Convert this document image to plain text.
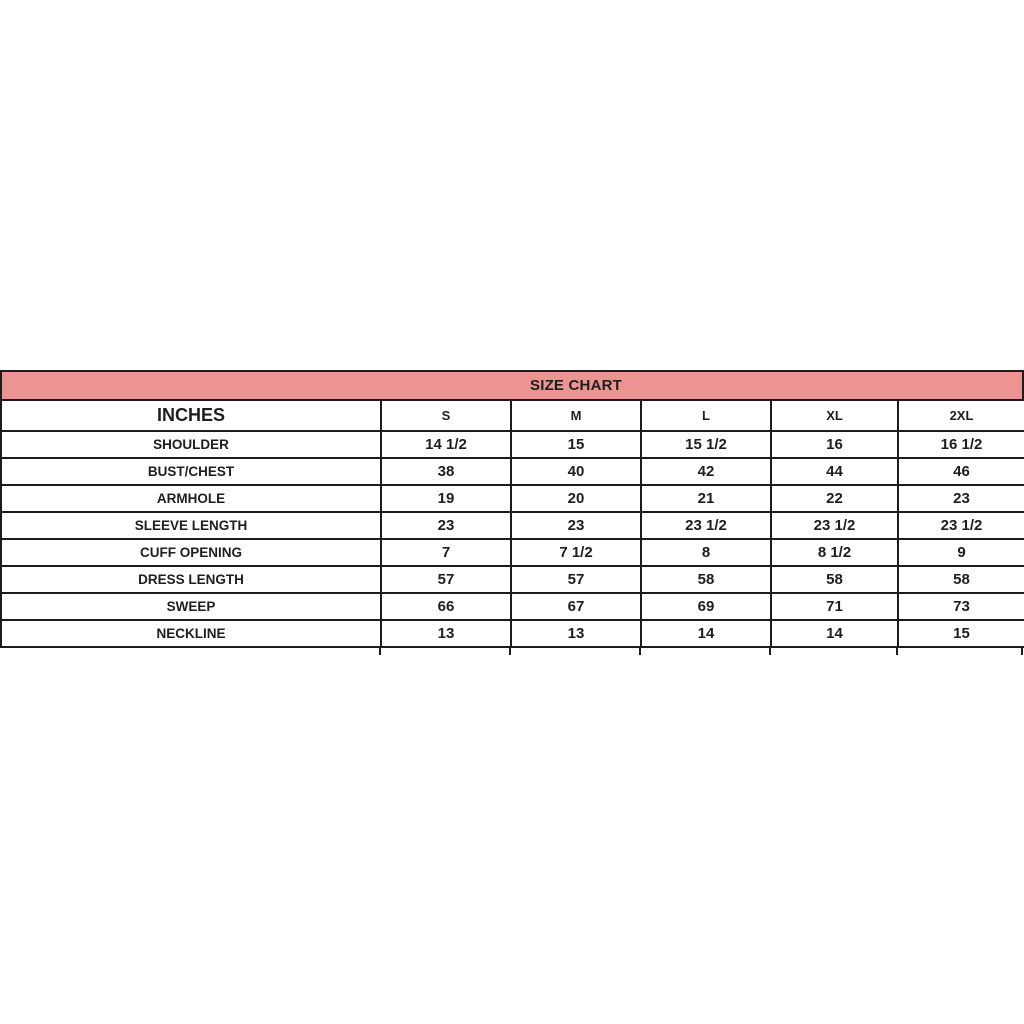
SIZE CHART
INCHES	S	M	L	XL	2XL
SHOULDER	14 1/2	15	15 1/2	16	16 1/2
BUST/CHEST	38	40	42	44	46
ARMHOLE	19	20	21	22	23
SLEEVE LENGTH	23	23	23 1/2	23 1/2	23 1/2
CUFF OPENING	7	7 1/2	8	8 1/2	9
DRESS LENGTH	57	57	58	58	58
SWEEP	66	67	69	71	73
NECKLINE	13	13	14	14	15
